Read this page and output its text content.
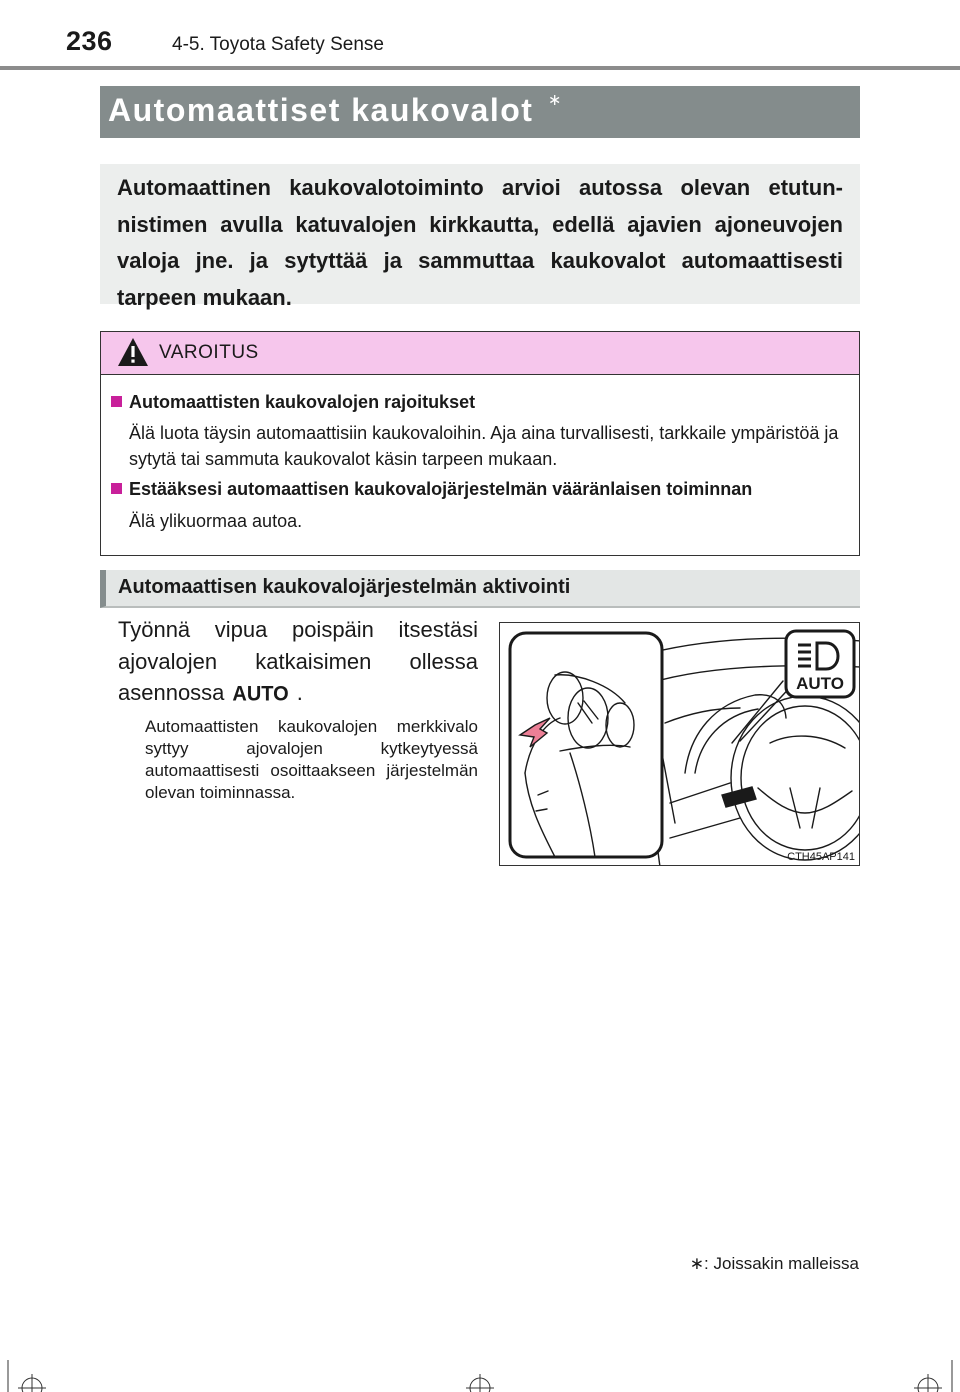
236	4-5. Toyota Safety Sense
Automaattiset kaukovalot ∗

Automaattinen kaukovalotoiminto arvioi autossa olevan etutunnistimen avulla katuvalojen kirkkautta, edellä ajavien ajoneuvojen valoja jne. ja sytyttää ja sammuttaa kaukovalot automaattisesti tarpeen mukaan.

VAROITUS
Automaattisten kaukovalojen rajoitukset
Älä luota täysin automaattisiin kaukovaloihin. Aja aina turvallisesti, tarkkaile ympäristöä ja sytytä tai sammuta kaukovalot käsin tarpeen mukaan.
Estääksesi automaattisen kaukovalojärjestelmän vääränlaisen toiminnan
Älä ylikuormaa autoa.
Automaattisen kaukovalojärjestelmän aktivointi
Työnnä vipua poispäin itsestäsi ajovalojen katkaisimen ollessa
asennossa AUTO .
Automaattisten kaukovalojen merkkivalo syttyy ajovalojen kytkeytyessä automaattisesti osoittaakseen järjestelmän olevan toiminnassa.
AUTO
CTH45AP141
∗: Joissakin malleissa
